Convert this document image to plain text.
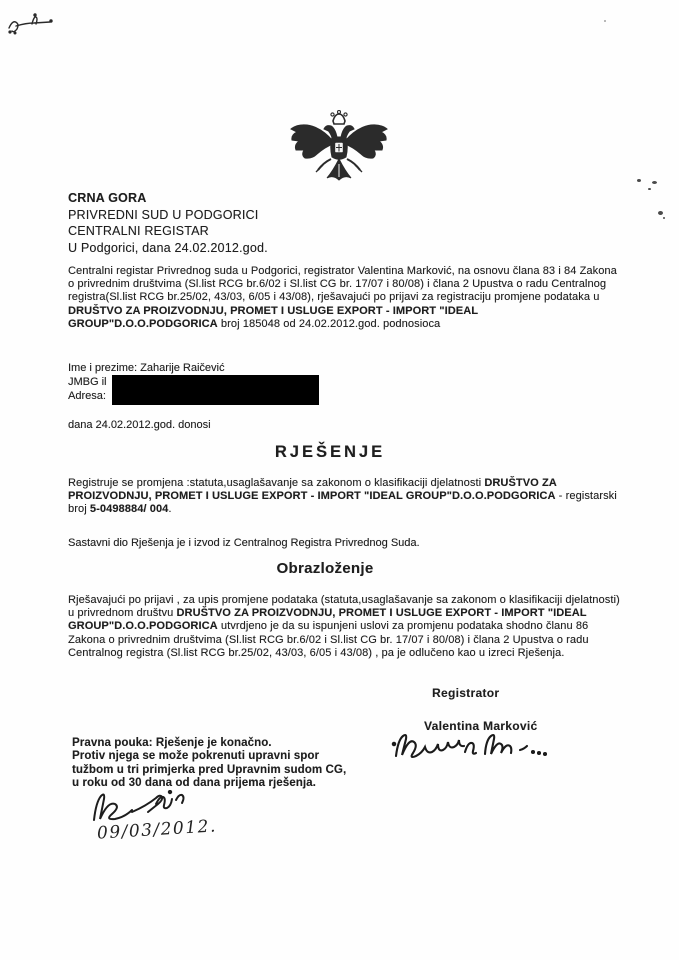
CRNA GORA
PRIVREDNI SUD U PODGORICI
CENTRALNI REGISTAR
U Podgorici, dana 24.02.2012.god.
Centralni registar Privrednog suda u Podgorici, registrator Valentina Marković, na osnovu člana 83 i 84 Zakona o privrednim društvima (Sl.list RCG br.6/02 i Sl.list CG br. 17/07 i 80/08) i člana 2 Upustva o radu Centralnog registra(Sl.list RCG br.25/02, 43/03, 6/05 i 43/08), rješavajući po prijavi za registraciju promjene podataka u DRUŠTVO ZA PROIZVODNJU, PROMET I USLUGE EXPORT - IMPORT "IDEAL GROUP"D.O.O.PODGORICA broj 185048 od 24.02.2012.god. podnosioca
Ime i prezime: Zaharije Raičević
JMBG il
Adresa:
dana 24.02.2012.god. donosi
RJEŠENJE
Registruje se promjena :statuta,usaglašavanje sa zakonom o klasifikaciji djelatnosti DRUŠTVO ZA PROIZVODNJU, PROMET I USLUGE EXPORT - IMPORT "IDEAL GROUP"D.O.O.PODGORICA - registarski broj 5-0498884/ 004.
Sastavni dio Rješenja je i izvod iz Centralnog Registra Privrednog Suda.
Obrazloženje
Rješavajući po prijavi , za upis promjene podataka (statuta,usaglašavanje sa zakonom o klasifikaciji djelatnosti) u privrednom društvu DRUŠTVO ZA PROIZVODNJU, PROMET I USLUGE EXPORT - IMPORT "IDEAL GROUP"D.O.O.PODGORICA utvrdjeno je da su ispunjeni uslovi za promjenu podataka shodno članu 86 Zakona o privrednim društvima (Sl.list RCG br.6/02 i Sl.list CG br. 17/07 i 80/08) i člana 2 Upustva o radu Centralnog registra (Sl.list RCG br.25/02, 43/03, 6/05 i 43/08) , pa je odlučeno kao u izreci Rješenja.
Registrator
Valentina Marković
Pravna pouka: Rješenje je konačno.
Protiv njega se može pokrenuti upravni spor
tužbom u tri primjerka pred Upravnim sudom CG,
u roku od 30 dana od dana prijema rješenja.
09/03/2012.
